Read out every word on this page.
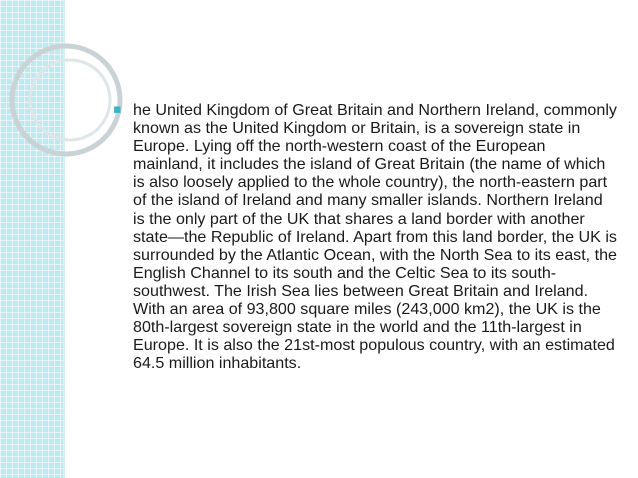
▪ he United Kingdom of Great Britain and Northern Ireland, commonly known as the United Kingdom or Britain, is a sovereign state in Europe. Lying off the north-western coast of the European mainland, it includes the island of Great Britain (the name of which is also loosely applied to the whole country), the north-eastern part of the island of Ireland and many smaller islands. Northern Ireland is the only part of the UK that shares a land border with another state—the Republic of Ireland. Apart from this land border, the UK is surrounded by the Atlantic Ocean, with the North Sea to its east, the English Channel to its south and the Celtic Sea to its south-southwest. The Irish Sea lies between Great Britain and Ireland. With an area of 93,800 square miles (243,000 km2), the UK is the 80th-largest sovereign state in the world and the 11th-largest in Europe. It is also the 21st-most populous country, with an estimated 64.5 million inhabitants.
